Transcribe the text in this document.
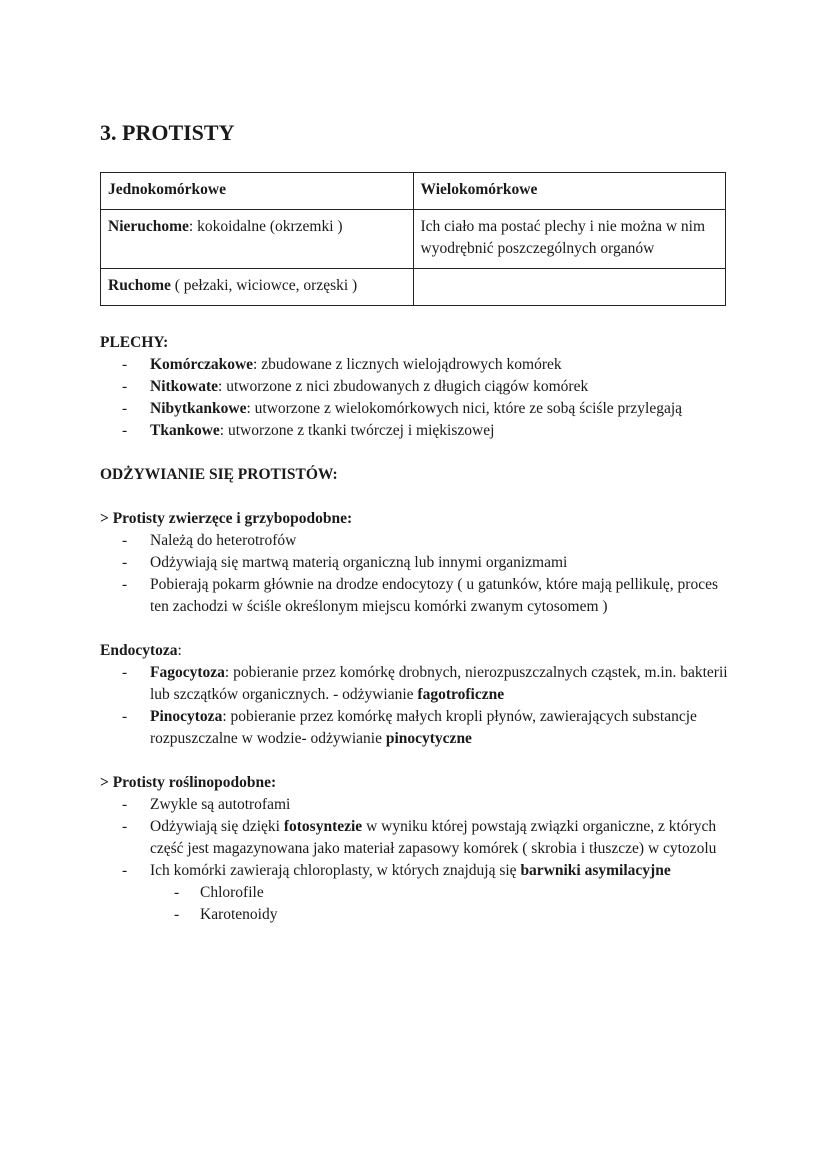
3. PROTISTY
Jednokomórkowe	Wielokomórkowe
Nieruchome: kokoidalne (okrzemki )	Ich ciało ma postać plechy i nie można w nim wyodrębnić poszczególnych organów
Ruchome ( pełzaki, wiciowce, orzęski )	

PLECHY:

- Komórczakowe: zbudowane z licznych wielojądrowych komórek
- Nitkowate: utworzone z nici zbudowanych z długich ciągów komórek
- Nibytkankowe: utworzone z wielokomórkowych nici, które ze sobą ściśle przylegają
- Tkankowe: utworzone z tkanki twórczej i miękiszowej

ODŻYWIANIE SIĘ PROTISTÓW:

> Protisty zwierzęce i grzybopodobne:

- Należą do heterotrofów
- Odżywiają się martwą materią organiczną lub innymi organizmami
- Pobierają pokarm głównie na drodze endocytozy ( u gatunków, które mają pellikulę, proces ten zachodzi w ściśle określonym miejscu komórki zwanym cytosomem )

Endocytoza:

- Fagocytoza: pobieranie przez komórkę drobnych, nierozpuszczalnych cząstek, m.in. bakterii lub szczątków organicznych. - odżywianie fagotroficzne
- Pinocytoza: pobieranie przez komórkę małych kropli płynów, zawierających substancje rozpuszczalne w wodzie- odżywianie pinocytyczne

> Protisty roślinopodobne:

- Zwykle są autotrofami
- Odżywiają się dzięki fotosyntezie w wyniku której powstają związki organiczne, z których część jest magazynowana jako materiał zapasowy komórek ( skrobia i tłuszcze) w cytozolu
- Ich komórki zawierają chloroplasty, w których znajdują się barwniki asymilacyjne
- Chlorofile
- Karotenoidy
